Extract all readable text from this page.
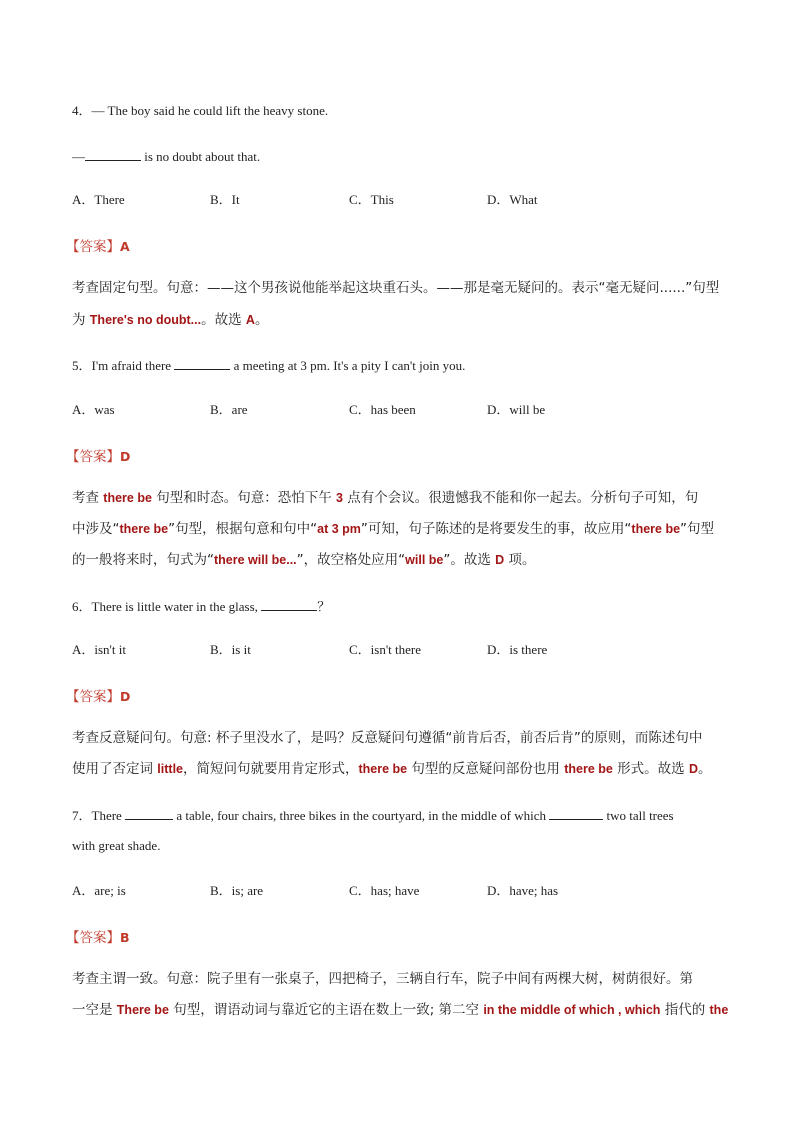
4．— The boy said he could lift the heavy stone.
—	is no doubt about that.
A．There	B．It	C．This	D．What
【答案】A
考查固定句型。句意：——这个男孩说他能举起这块重石头。——那是毫无疑问的。表示“毫无疑问......”句型
为 There's no doubt...。故选 A。
5．I'm afraid there	a meeting at 3 pm. It's a pity I can't join you.
A．was	B．are	C．has been	D．will be
【答案】D
考查 there be 句型和时态。句意：恐怕下午 3 点有个会议。很遗憾我不能和你一起去。分析句子可知，句
中涉及“there be”句型，根据句意和句中“at 3 pm”可知，句子陈述的是将要发生的事，故应用“there be”句型
的一般将来时，句式为“there will be...”，故空格处应用“will be”。故选 D 项。
6．There is little water in the glass,	？
A．isn't it	B．is it	C．isn't there	D．is there
【答案】D
考查反意疑问句。句意: 杯子里没水了，是吗？反意疑问句遵循“前肯后否，前否后肯”的原则，而陈述句中
使用了否定词 little，简短问句就要用肯定形式，there be 句型的反意疑问部份也用 there be 形式。故选 D。
7．There	a table, four chairs, three bikes in the courtyard, in the middle of which	two tall trees
with great shade.
A．are; is	B．is; are	C．has; have	D．have; has
【答案】B
考查主谓一致。句意：院子里有一张桌子，四把椅子，三辆自行车，院子中间有两棵大树，树荫很好。第
一空是 There be 句型，谓语动词与靠近它的主语在数上一致; 第二空 in the middle of which , which 指代的 the
